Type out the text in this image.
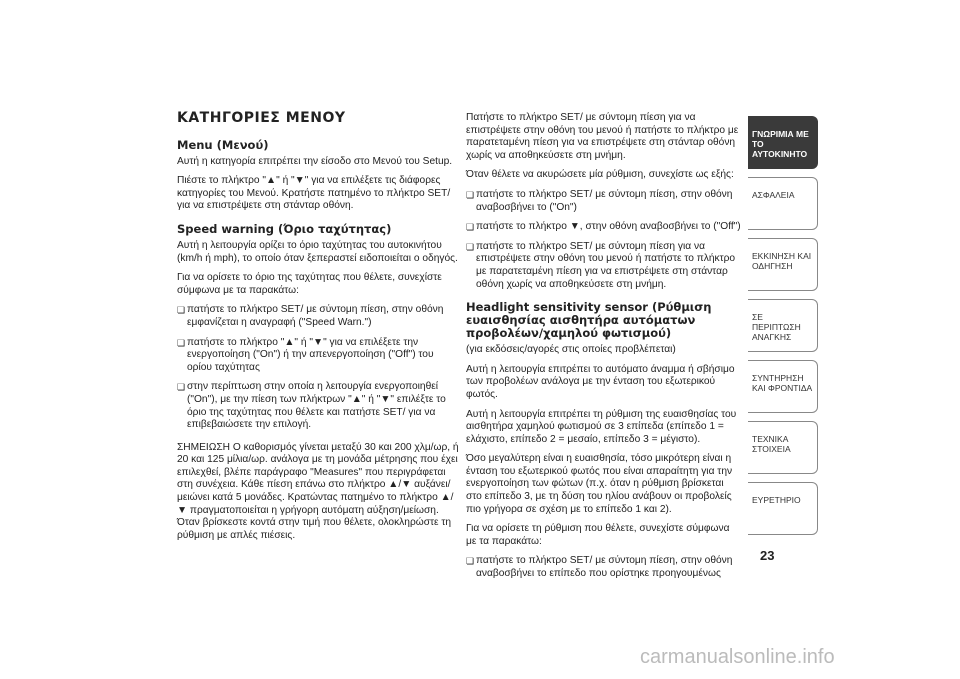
ΚΑΤΗΓΟΡΙΕΣ ΜΕΝΟΥ
Menu (Μενού)

Αυτή η κατηγορία επιτρέπει την είσοδο στο Μενού του Setup.

Πιέστε το πλήκτρο "▲" ή "▼" για να επιλέξετε τις διάφορες κατηγορίες του Μενού. Κρατήστε πατημένο το πλήκτρο SET/ για να επιστρέψετε στη στάνταρ οθόνη.

Speed warning (Όριο ταχύτητας)

Αυτή η λειτουργία ορίζει το όριο ταχύτητας του αυτοκινήτου (km/h ή mph), το οποίο όταν ξεπεραστεί ειδοποιείται ο οδηγός.

Για να ορίσετε το όριο της ταχύτητας που θέλετε, συνεχίστε σύμφωνα με τα παρακάτω:

❏ πατήστε το πλήκτρο SET/ με σύντομη πίεση, στην οθόνη εμφανίζεται η αναγραφή ("Speed Warn.")
❏ πατήστε το πλήκτρο "▲" ή "▼" για να επιλέξετε την ενεργοποίηση ("On") ή την απενεργοποίηση ("Off") του ορίου ταχύτητας
❏ στην περίπτωση στην οποία η λειτουργία ενεργοποιηθεί ("On"), με την πίεση των πλήκτρων "▲" ή "▼" επιλέξτε το όριο της ταχύτητας που θέλετε και πατήστε SET/ για να επιβεβαιώσετε την επιλογή.

ΣΗΜΕΙΩΣΗ Ο καθορισμός γίνεται μεταξύ 30 και 200 χλμ/ωρ, ή 20 και 125 μίλια/ωρ. ανάλογα με τη μονάδα μέτρησης που έχει επιλεχθεί, βλέπε παράγραφο "Measures" που περιγράφεται στη συνέχεια. Κάθε πίεση επάνω στο πλήκτρο ▲/▼ αυξάνει/μειώνει κατά 5 μονάδες. Κρατώντας πατημένο το πλήκτρο ▲/▼ πραγματοποιείται η γρήγορη αυτόματη αύξηση/μείωση. Όταν βρίσκεστε κοντά στην τιμή που θέλετε, ολοκληρώστε τη ρύθμιση με απλές πιέσεις.

Πατήστε το πλήκτρο SET/ με σύντομη πίεση για να επιστρέψετε στην οθόνη του μενού ή πατήστε το πλήκτρο με παρατεταμένη πίεση για να επιστρέψετε στη στάνταρ οθόνη χωρίς να αποθηκεύσετε στη μνήμη.

Όταν θέλετε να ακυρώσετε μία ρύθμιση, συνεχίστε ως εξής:

❏ πατήστε το πλήκτρο SET/ με σύντομη πίεση, στην οθόνη αναβοσβήνει το ("On")
❏ πατήστε το πλήκτρο ▼, στην οθόνη αναβοσβήνει το ("Off")
❏ πατήστε το πλήκτρο SET/ με σύντομη πίεση για να επιστρέψετε στην οθόνη του μενού ή πατήστε το πλήκτρο με παρατεταμένη πίεση για να επιστρέψετε στη στάνταρ οθόνη χωρίς να αποθηκεύσετε στη μνήμη.
Headlight sensitivity sensor (Ρύθμιση ευαισθησίας αισθητήρα αυτόματων προβολέων/χαμηλού φωτισμού)

(για εκδόσεις/αγορές στις οποίες προβλέπεται)

Αυτή η λειτουργία επιτρέπει το αυτόματο άναμμα ή σβήσιμο των προβολέων ανάλογα με την ένταση του εξωτερικού φωτός.

Αυτή η λειτουργία επιτρέπει τη ρύθμιση της ευαισθησίας του αισθητήρα χαμηλού φωτισμού σε 3 επίπεδα (επίπεδο 1 = ελάχιστο, επίπεδο 2 = μεσαίο, επίπεδο 3 = μέγιστο).

Όσο μεγαλύτερη είναι η ευαισθησία, τόσο μικρότερη είναι η ένταση του εξωτερικού φωτός που είναι απαραίτητη για την ενεργοποίηση των φώτων (π.χ. όταν η ρύθμιση βρίσκεται στο επίπεδο 3, με τη δύση του ηλίου ανάβουν οι προβολείς πιο γρήγορα σε σχέση με το επίπεδο 1 και 2).

Για να ορίσετε τη ρύθμιση που θέλετε, συνεχίστε σύμφωνα με τα παρακάτω:

❏ πατήστε το πλήκτρο SET/ με σύντομη πίεση, στην οθόνη αναβοσβήνει το επίπεδο που ορίστηκε προηγουμένως
ΓΝΩΡΙΜΙΑ ΜΕ ΤΟ ΑΥΤΟΚΙΝΗΤΟ
ΑΣΦΑΛΕΙΑ
ΕΚΚΙΝΗΣΗ ΚΑΙ ΟΔΗΓΗΣΗ
ΣΕ ΠΕΡΙΠΤΩΣΗ ΑΝΑΓΚΗΣ
ΣΥΝΤΗΡΗΣΗ ΚΑΙ ΦΡΟΝΤΙΔΑ
ΤΕΧΝΙΚΑ ΣΤΟΙΧΕΙΑ
ΕΥΡΕΤΗΡΙΟ
23
carmanualsonline.info
